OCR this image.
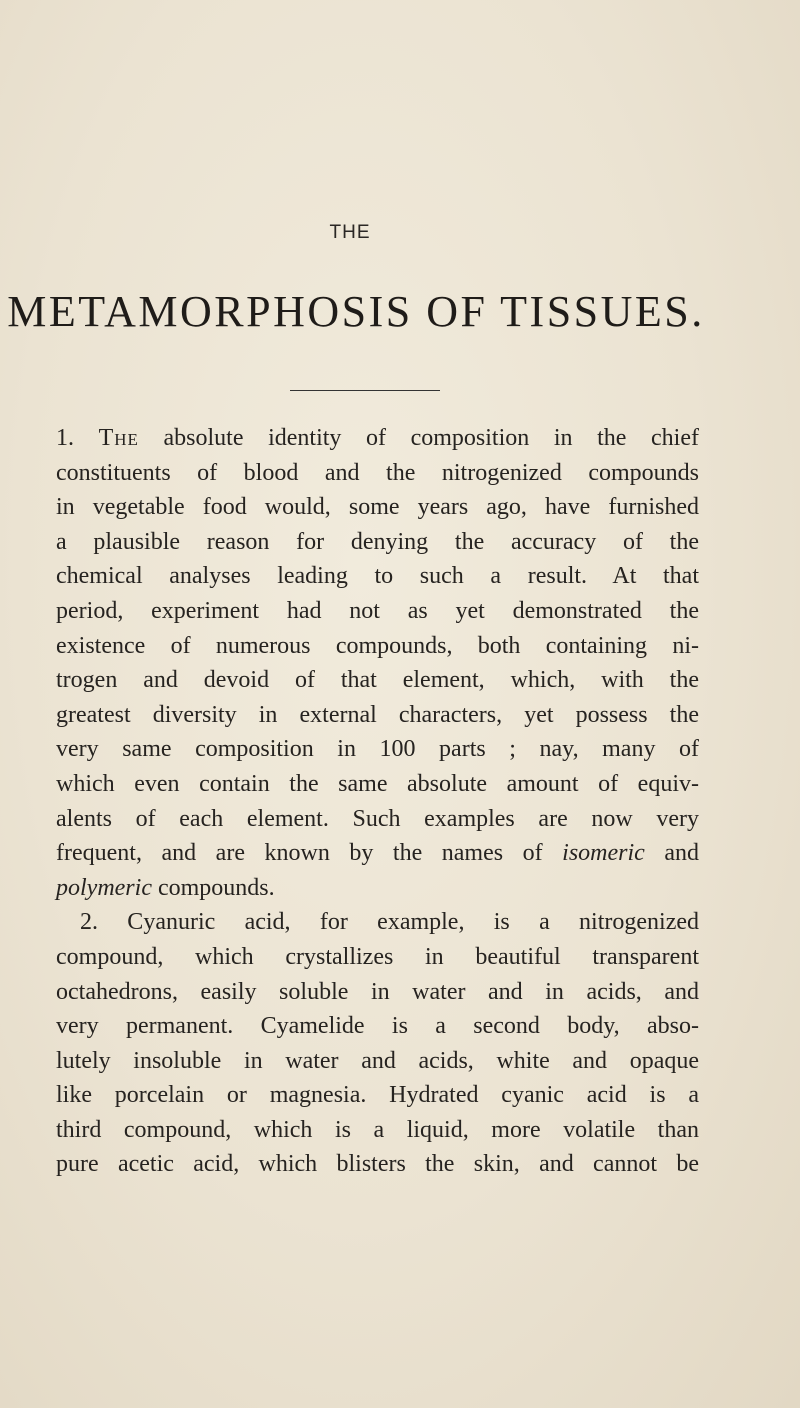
THE
METAMORPHOSIS OF TISSUES.
1. The absolute identity of composition in the chief
constituents of blood and the nitrogenized compounds
in vegetable food would, some years ago, have furnished
a plausible reason for denying the accuracy of the
chemical analyses leading to such a result. At that
period, experiment had not as yet demonstrated the
existence of numerous compounds, both containing ni-
trogen and devoid of that element, which, with the
greatest diversity in external characters, yet possess the
very same composition in 100 parts ; nay, many of
which even contain the same absolute amount of equiv-
alents of each element. Such examples are now very
frequent, and are known by the names of isomeric and
polymeric compounds.
2. Cyanuric acid, for example, is a nitrogenized
compound, which crystallizes in beautiful transparent
octahedrons, easily soluble in water and in acids, and
very permanent. Cyamelide is a second body, abso-
lutely insoluble in water and acids, white and opaque
like porcelain or magnesia. Hydrated cyanic acid is a
third compound, which is a liquid, more volatile than
pure acetic acid, which blisters the skin, and cannot be
